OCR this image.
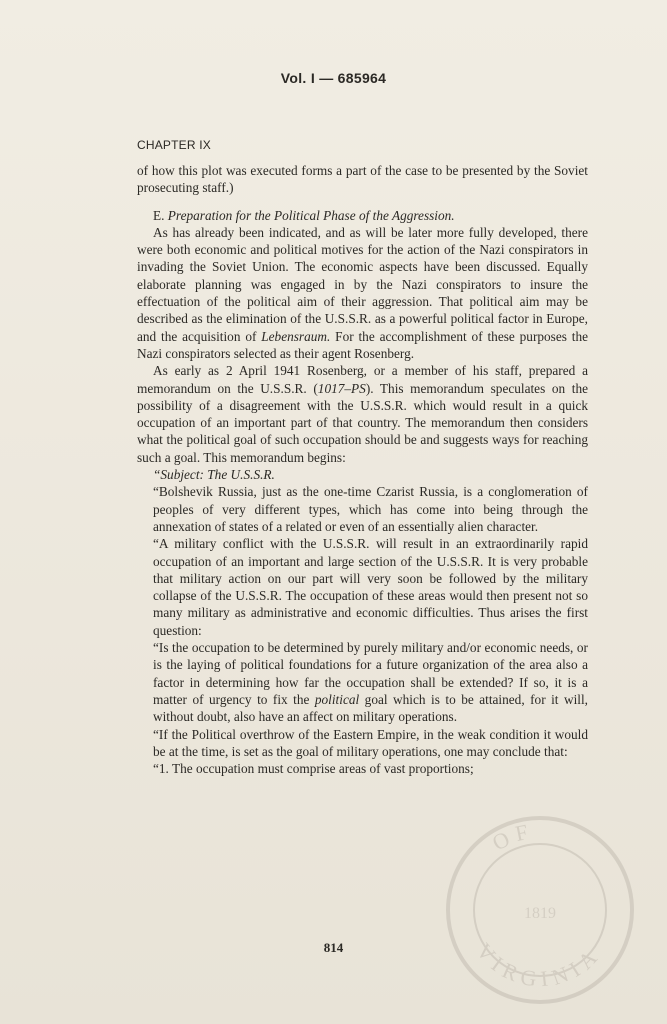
Vol. I — 685964
CHAPTER IX

of how this plot was executed forms a part of the case to be presented by the Soviet prosecuting staff.)

E. Preparation for the Political Phase of the Aggression.

As has already been indicated, and as will be later more fully developed, there were both economic and political motives for the action of the Nazi conspirators in invading the Soviet Union. The economic aspects have been discussed. Equally elaborate planning was engaged in by the Nazi conspirators to insure the effectuation of the political aim of their aggression. That political aim may be described as the elimination of the U.S.S.R. as a powerful political factor in Europe, and the acquisition of Lebensraum. For the accomplishment of these purposes the Nazi conspirators selected as their agent Rosenberg.

As early as 2 April 1941 Rosenberg, or a member of his staff, prepared a memorandum on the U.S.S.R. (1017–PS). This memorandum speculates on the possibility of a disagreement with the U.S.S.R. which would result in a quick occupation of an important part of that country. The memorandum then considers what the political goal of such occupation should be and suggests ways for reaching such a goal. This memorandum begins:

“Subject: The U.S.S.R.

“Bolshevik Russia, just as the one-time Czarist Russia, is a conglomeration of peoples of very different types, which has come into being through the annexation of states of a related or even of an essentially alien character.

“A military conflict with the U.S.S.R. will result in an extraordinarily rapid occupation of an important and large section of the U.S.S.R. It is very probable that military action on our part will very soon be followed by the military collapse of the U.S.S.R. The occupation of these areas would then present not so many military as administrative and economic difficulties. Thus arises the first question:

“Is the occupation to be determined by purely military and/or economic needs, or is the laying of political foundations for a future organization of the area also a factor in determining how far the occupation shall be extended? If so, it is a matter of urgency to fix the political goal which is to be attained, for it will, without doubt, also have an affect on military operations.

“If the Political overthrow of the Eastern Empire, in the weak condition it would be at the time, is set as the goal of military operations, one may conclude that:

“1. The occupation must comprise areas of vast proportions;

814
OF
VIRGINIA
1819
